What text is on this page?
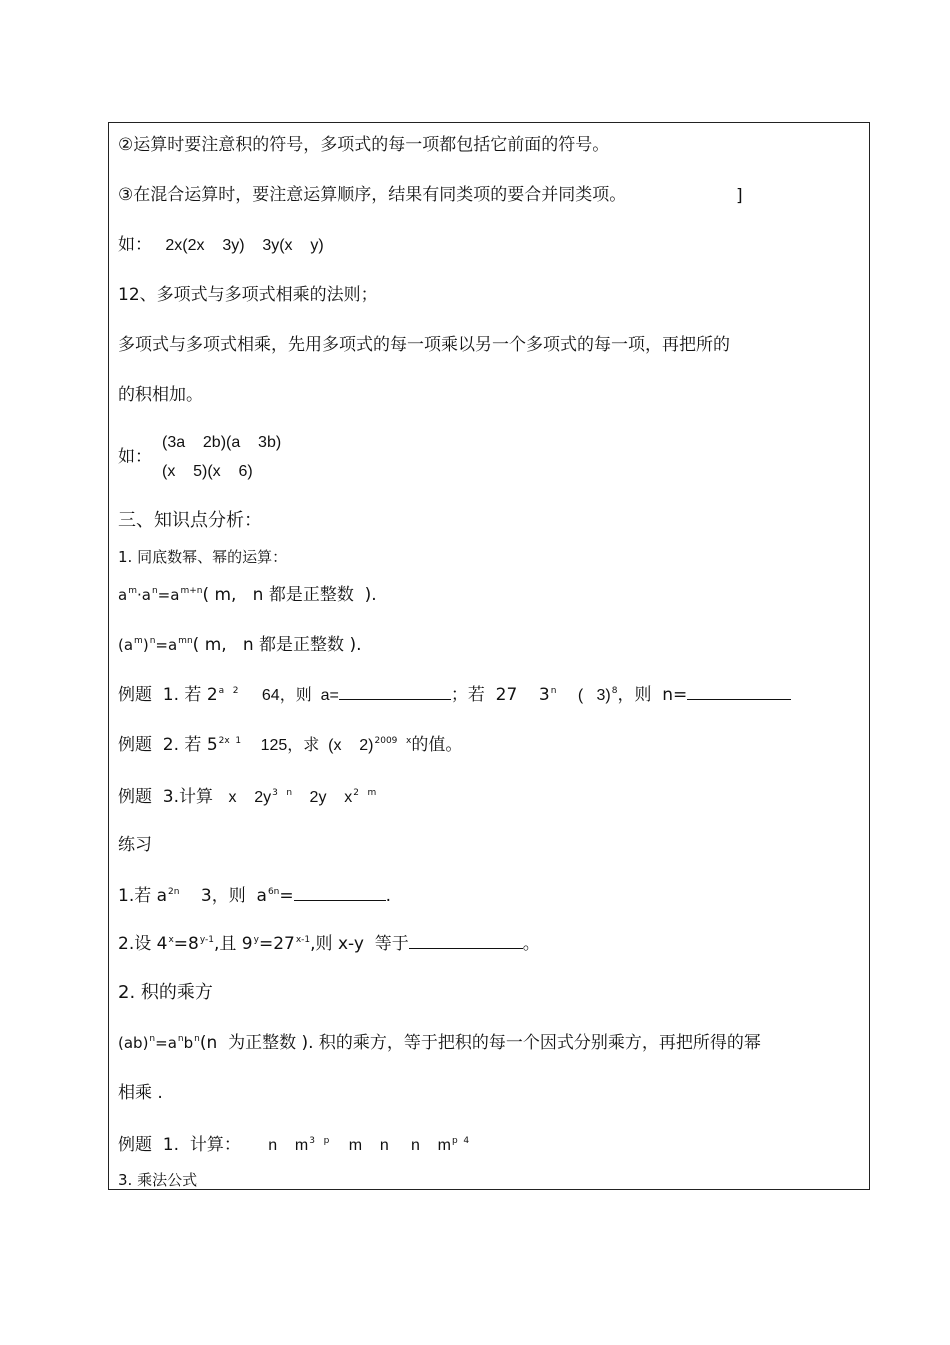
②运算时要注意积的符号，多项式的每一项都包括它前面的符号。
③在混合运算时，要注意运算顺序，结果有同类项的要合并同类项。	]
如： 2x(2x    3y)    3y(x    y)
12、多项式与多项式相乘的法则；
多项式与多项式相乘，先用多项式的每一项乘以另一个多项式的每一项，再把所的
的积相加。
如：
(3a    2b)(a    3b)
(x    5)(x    6)
三、知识点分析：
1. 同底数幂、幂的运算：
$a^m\cdot a^n=a^{m+n}$( m,   n 都是正整数  ).
$(a^m)^n=a^{mn}$( m,   n 都是正整数 ).
例题  1. 若 $2^{a 2}$ 64，则  a=	；若  27    3$^n$ (   3)$^8$，则  n=
例题  2. 若 $5^{2x 1}$ 125，求  (x    2)$^{2009 x}$的值。
例题  3.计算 x    $2y^{3 n}$ 2y    $x^{2 m}$
练习
1.若 $a^{2n}$ 3，则  $a^{6n}=$	.
2.设 $4^x=8^{y-1}$,且 $9^y=27^{x-1}$,则 x-y  等于	。
2. 积的乘方
$(ab)^n=a^nb^n(n$  为正整数 ). 积的乘方，等于把积的每一个因式分别乘方，再把所得的幂
相乘 .
例题  1.  计算： n    $m^{3 p}$ m    n     n    $m^{p 4}$
3. 乘法公式
